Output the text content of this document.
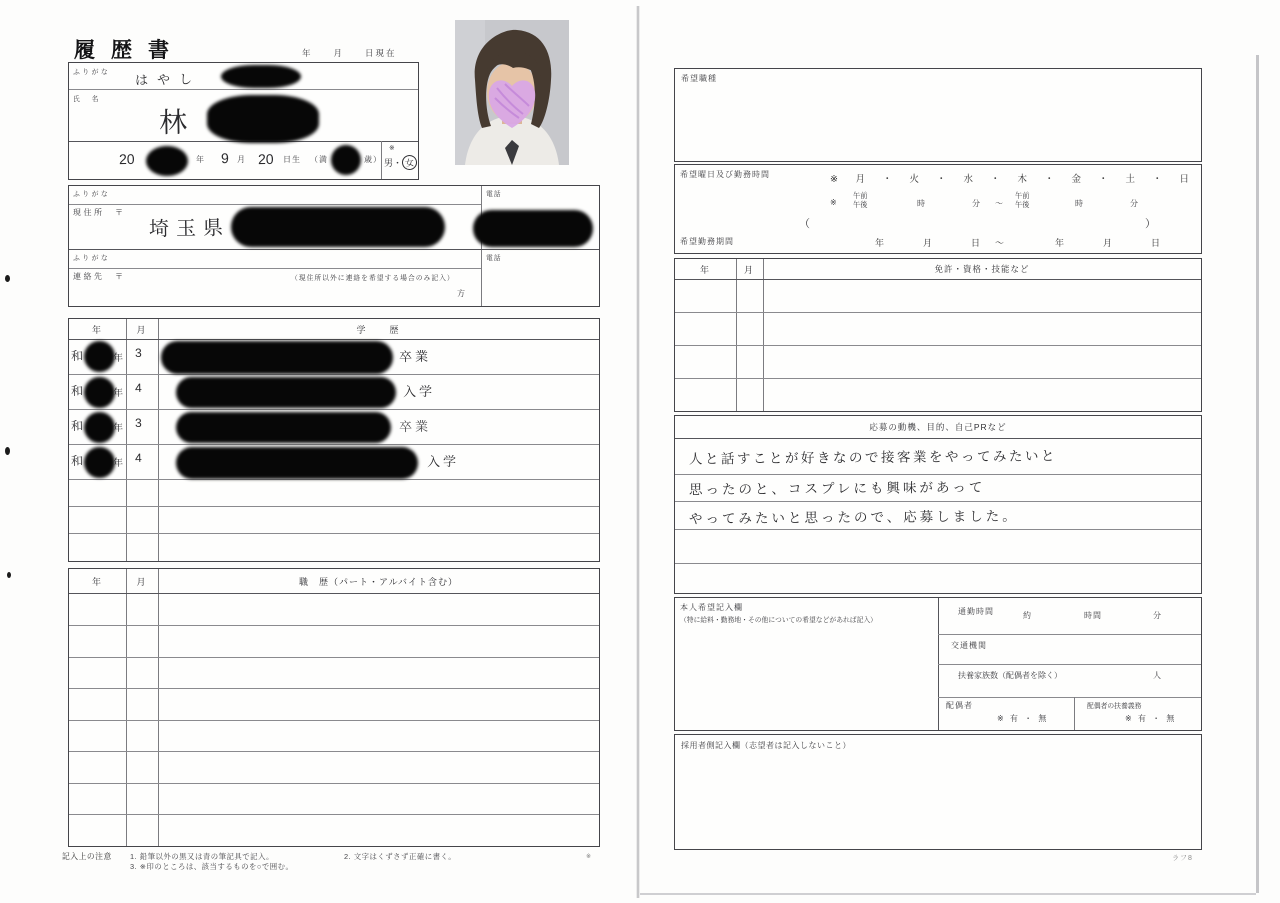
履歴書	年　　月　　日現在
ふりがな はやし
氏　名
林
20	年 9 月 20 日生 （満	歳）
※
男・ 女
ふりがな
現住所　〒
埼玉県
電話
ふりがな
連絡先　〒	（現住所以外に連絡を希望する場合のみ記入）
電話
方
年	月	学　　歴
和	年 3	卒業
和	年 4	入学
和	年 3	卒業
和	年 4	入学
年	月	職　歴（パート・アルバイト含む）
記入上の注意 1. 鉛筆以外の黒又は青の筆記具で記入。
3. ※印のところは、該当するものを○で囲む。
2. 文字はくずさず正確に書く。	※
希望職種
希望曜日及び勤務時間	※　月　・　火　・　水　・　木　・　金　・　土　・　日
※
午前
午後	時	分 ～
午前
午後	時	分
（	）
希望勤務期間	年　　　月　　　日　～　　　　年　　　月　　　日
年	月	免許・資格・技能など
応募の動機、目的、自己PRなど
人と話すことが好きなので接客業をやってみたいと
思ったのと、コスプレにも興味があって
やってみたいと思ったので、応募しました。
本人希望記入欄
（特に給料・勤務地・その他についての希望などがあれば記入）
通勤時間	約	時間	分
交通機関
扶養家族数（配偶者を除く）	人
配偶者
※ 有 ・ 無
配偶者の扶養義務
※ 有 ・ 無
採用者側記入欄（志望者は記入しないこと）
ラフ8
